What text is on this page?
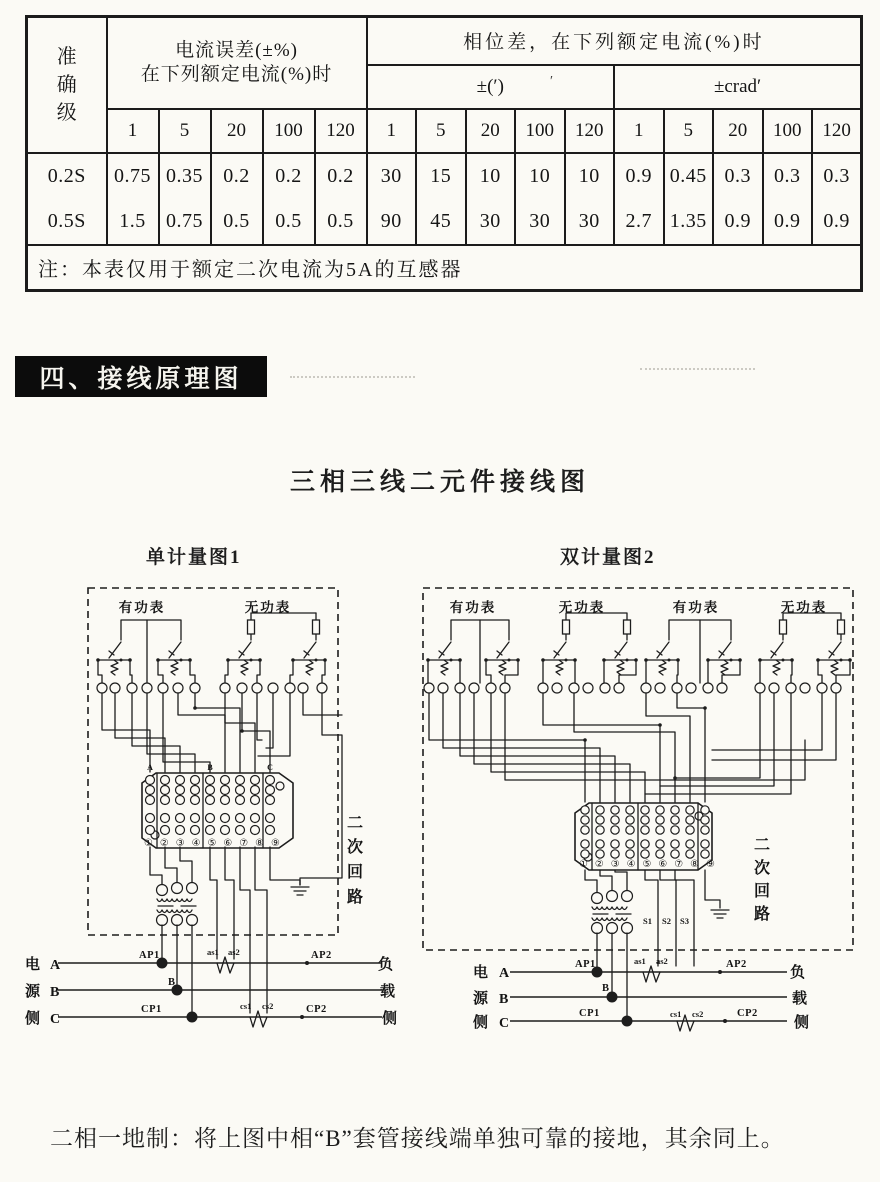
准确级	电流误差(±%)
在下列额定电流(%)时					相位差，在下列额定电流(%)时									
						±(′) ′					±crad′				
	1	5	20	100	120	1	5	20	100	120	1	5	20	100	120
0.2S	0.75	0.35	0.2	0.2	0.2	30	15	10	10	10	0.9	0.45	0.3	0.3	0.3
0.5S	1.5	0.75	0.5	0.5	0.5	90	45	30	30	30	2.7	1.35	0.9	0.9	0.9
注：本表仅用于额定二次电流为5A的互感器															
四、接线原理图
三相三线二元件接线图
单计量图1	双计量图2
有功表	无功表
A	B	C
①②③④⑤⑥⑦⑧⑨
二
次
回
路
电
源
侧
A
B
C
负
载
侧
AP1
B
CP1
AP2
CP2
as1 as2
cs1 cs2
有功表	无功表	有功表	无功表
①②③④⑤⑥⑦⑧⑨
S1 S2 S3
二
次
回
路
电
源
侧
A
B
C
负
载
侧
AP1
B
CP1
AP2
CP2
as1 as2
cs1 cs2
二相一地制：将上图中相“B”套管接线端单独可靠的接地，其余同上。
